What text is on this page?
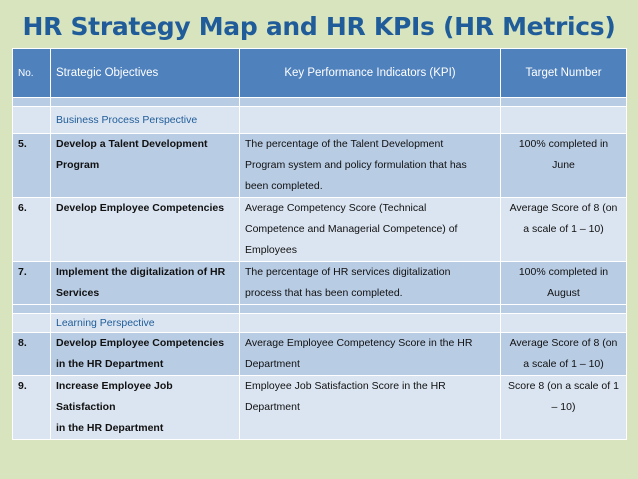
HR Strategy Map and HR KPIs (HR Metrics)
No.	Strategic Objectives	Key Performance Indicators (KPI)	Target Number

	Business Process Perspective		
5.	Develop a Talent Development
Program	The percentage of the Talent Development
Program system and policy formulation that has
been completed.	100% completed in
June
6.	Develop Employee Competencies	Average Competency Score (Technical
Competence and Managerial Competence) of
Employees	Average Score of 8 (on
a scale of 1 – 10)
7.	Implement the digitalization of HR
Services	The percentage of HR services digitalization
process that has been completed.	100% completed in
August

	Learning Perspective		
8.	Develop Employee Competencies
in the HR Department	Average Employee Competency Score in the HR
Department	Average Score of 8 (on
a scale of 1 – 10)
9.	Increase Employee Job Satisfaction
in the HR Department	Employee Job Satisfaction Score in the HR
Department	Score 8 (on a scale of 1
– 10)
